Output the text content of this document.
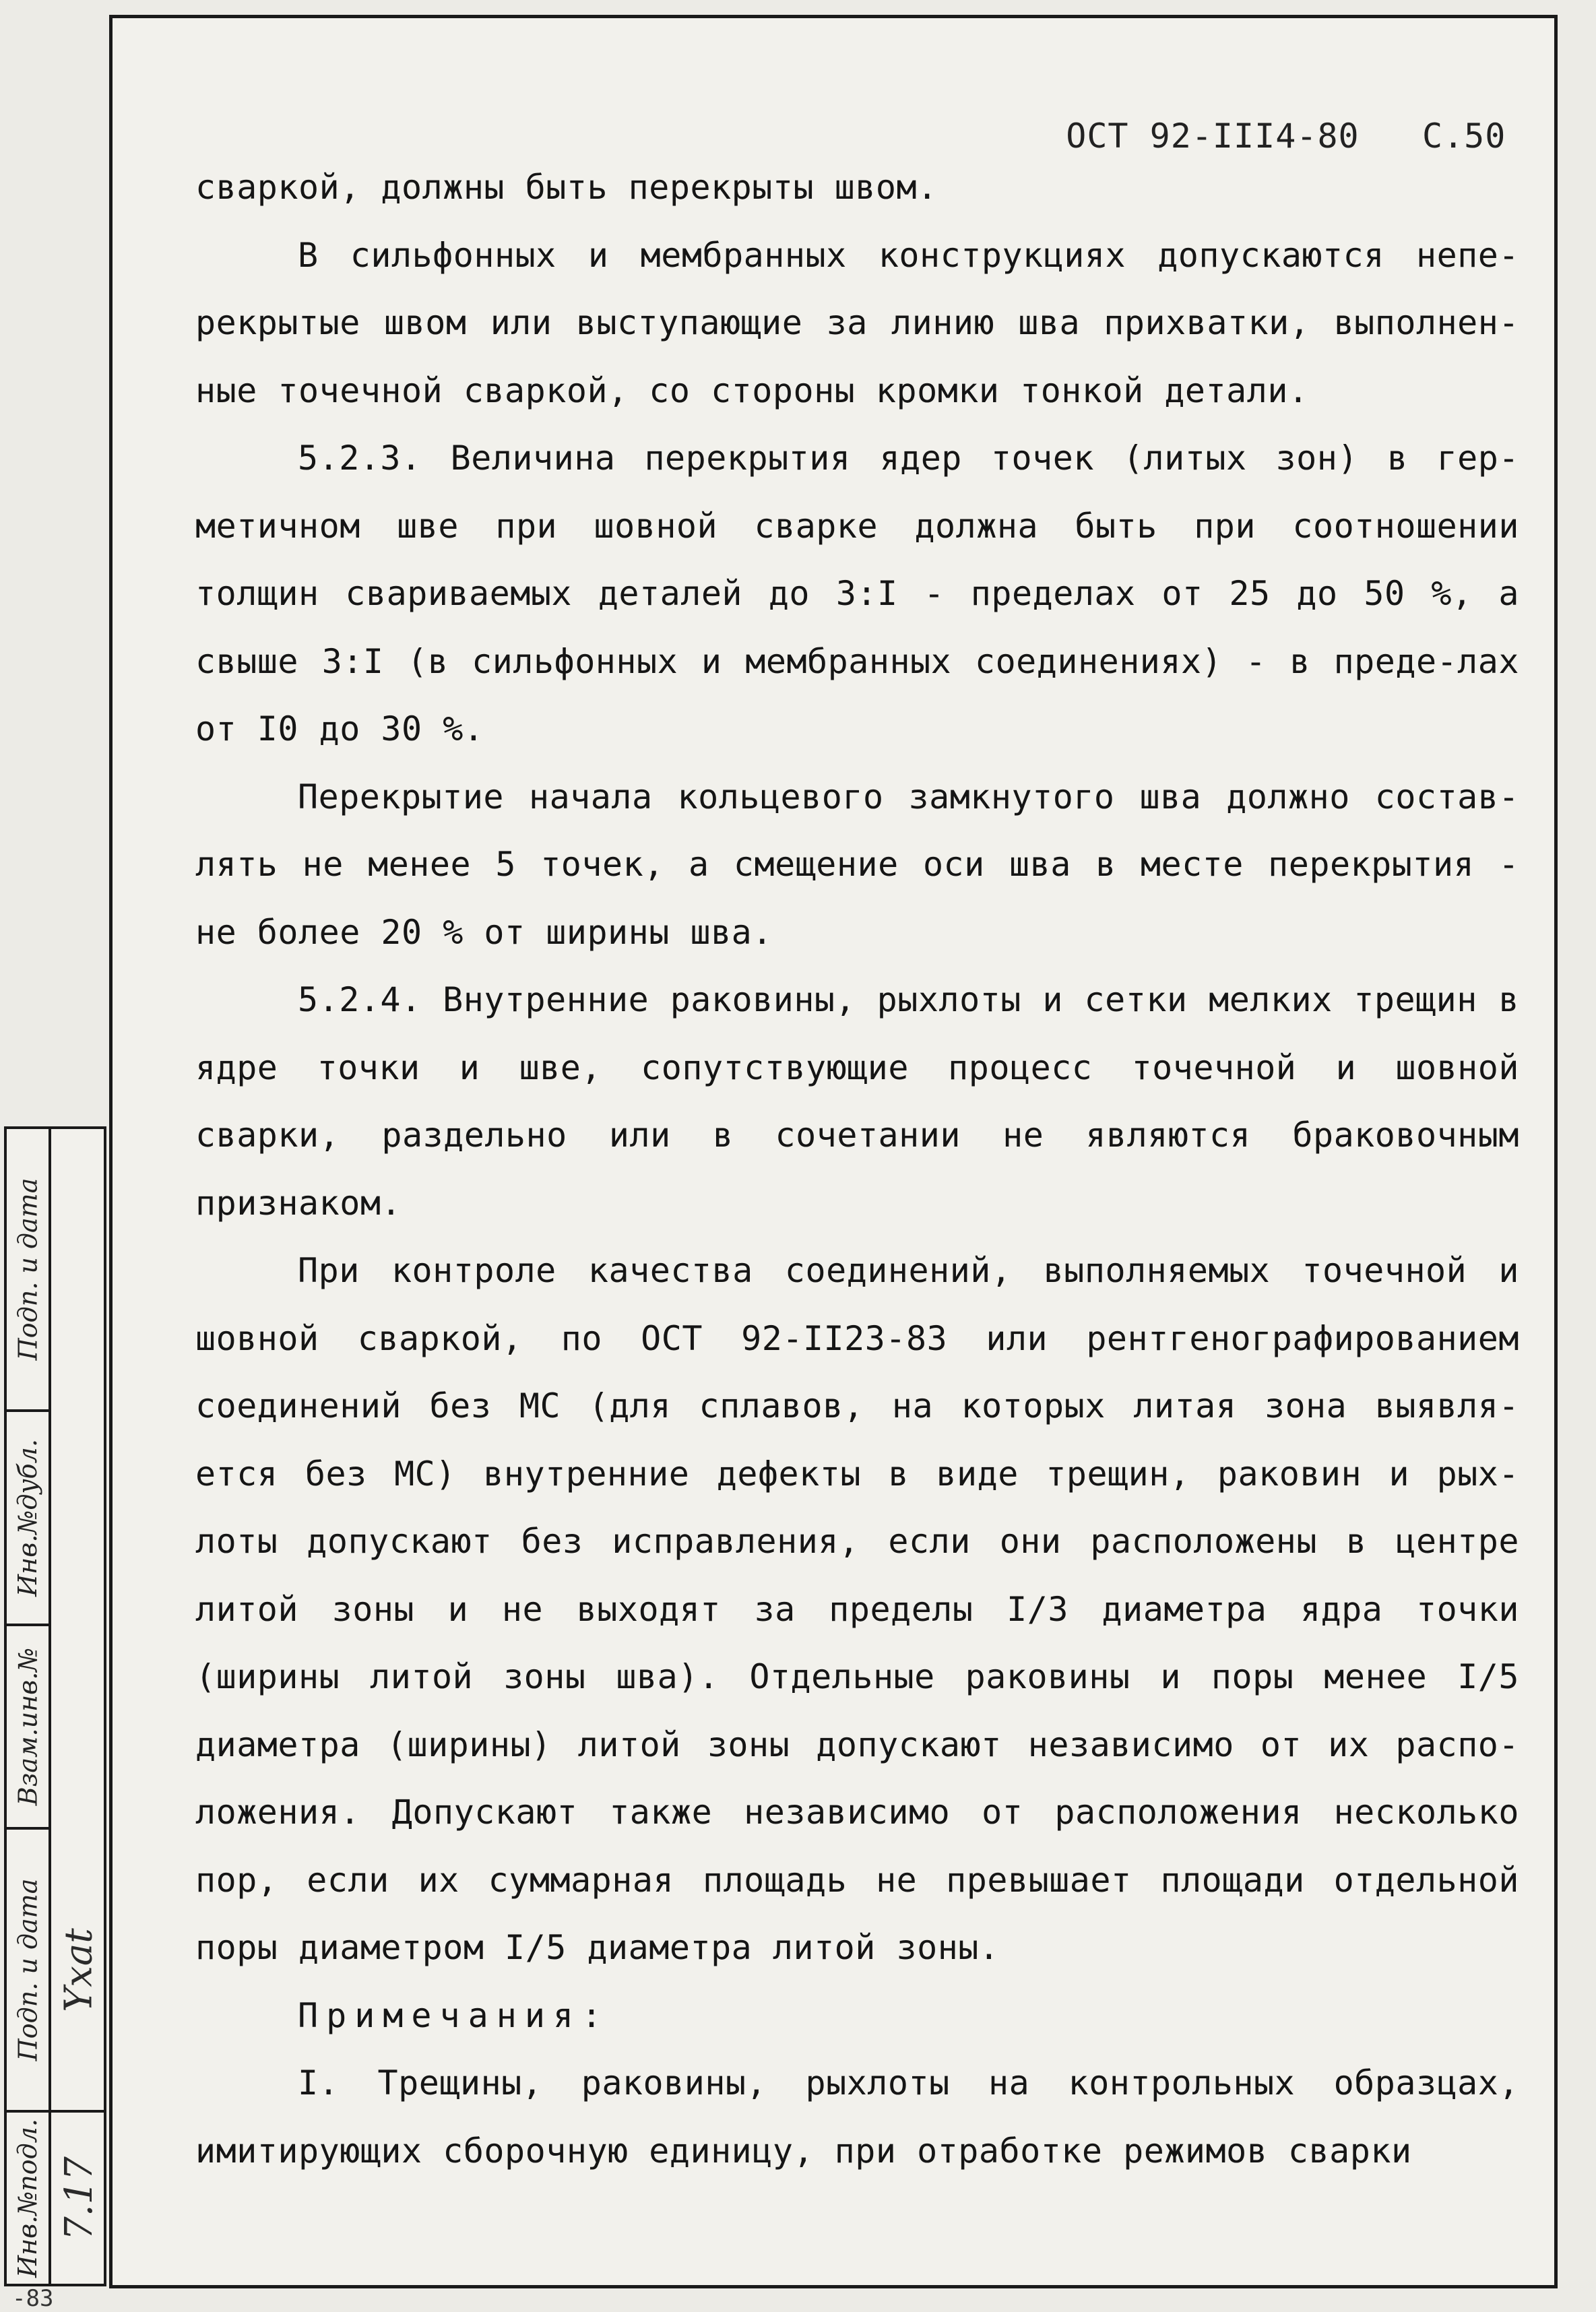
ОСТ 92-III4-80 С.50

сваркой, должны быть перекрыты швом.

В сильфонных и мембранных конструкциях допускаются непе-рекрытые швом или выступающие за линию шва прихватки, выполнен-ные точечной сваркой, со стороны кромки тонкой детали.

5.2.3. Величина перекрытия ядер точек (литых зон) в гер-метичном шве при шовной сварке должна быть при соотношении толщин свариваемых деталей до 3:I - пределах от 25 до 50 %, а свыше 3:I (в сильфонных и мембранных соединениях) - в преде-лах от I0 до 30 %.

Перекрытие начала кольцевого замкнутого шва должно состав-лять не менее 5 точек, а смещение оси шва в месте перекрытия - не более 20 % от ширины шва.

5.2.4. Внутренние раковины, рыхлоты и сетки мелких трещин в ядре точки и шве, сопутствующие процесс точечной и шовной сварки, раздельно или в сочетании не являются браковочным признаком.

При контроле качества соединений, выполняемых точечной и шовной сваркой, по ОСТ 92-II23-83 или рентгенографированием соединений без МС (для сплавов, на которых литая зона выявля-ется без МС) внутренние дефекты в виде трещин, раковин и рых-лоты допускают без исправления, если они расположены в центре литой зоны и не выходят за пределы I/3 диаметра ядра точки (ширины литой зоны шва). Отдельные раковины и поры менее I/5 диаметра (ширины) литой зоны допускают независимо от их распо-ложения. Допускают также независимо от расположения несколько пор, если их суммарная площадь не превышает площади отдельной поры диаметром I/5 диаметра литой зоны.

Примечания:

I. Трещины, раковины, рыхлоты на контрольных образцах, имитирующих сборочную единицу, при отработке режимов сварки

Подп. и дата
Инв.№дубл.
Взам.инв.№
Подп. и дата
Инв.№подл.
Yxat
7.17
-83
